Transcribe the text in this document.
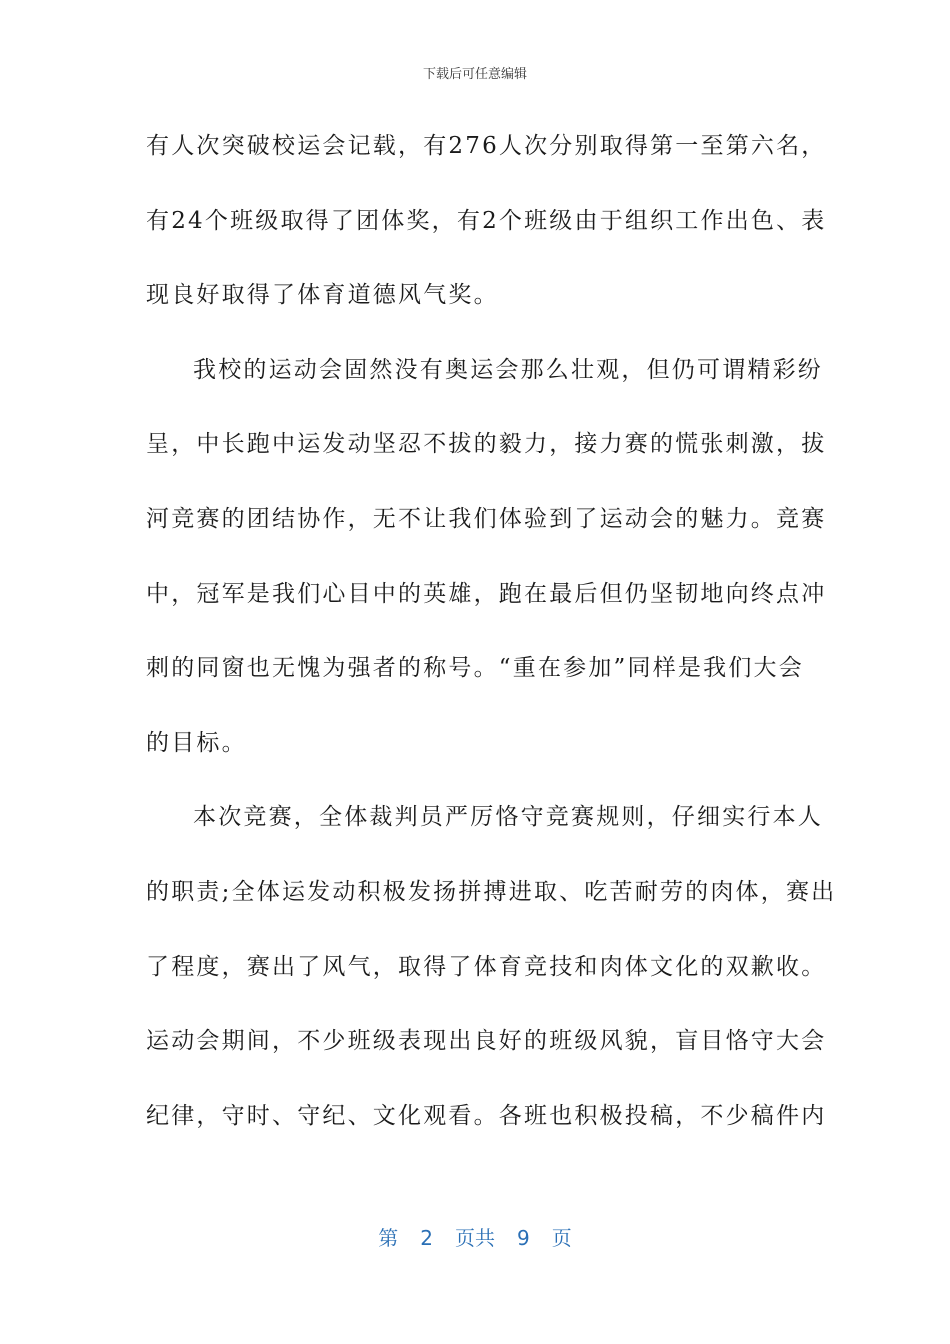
下载后可任意编辑
有人次突破校运会记载，有276人次分别取得第一至第六名，
有24个班级取得了团体奖，有2个班级由于组织工作出色、表
现良好取得了体育道德风气奖。
我校的运动会固然没有奥运会那么壮观，但仍可谓精彩纷
呈，中长跑中运发动坚忍不拔的毅力，接力赛的慌张刺激，拔
河竞赛的团结协作，无不让我们体验到了运动会的魅力。竞赛
中，冠军是我们心目中的英雄，跑在最后但仍坚韧地向终点冲
刺的同窗也无愧为强者的称号。“重在参加”同样是我们大会
的目标。
本次竞赛，全体裁判员严厉恪守竞赛规则，仔细实行本人
的职责;全体运发动积极发扬拼搏进取、吃苦耐劳的肉体，赛出
了程度，赛出了风气，取得了体育竞技和肉体文化的双歉收。
运动会期间，不少班级表现出良好的班级风貌，盲目恪守大会
纪律，守时、守纪、文化观看。各班也积极投稿，不少稿件内
第 2 页共 9 页
